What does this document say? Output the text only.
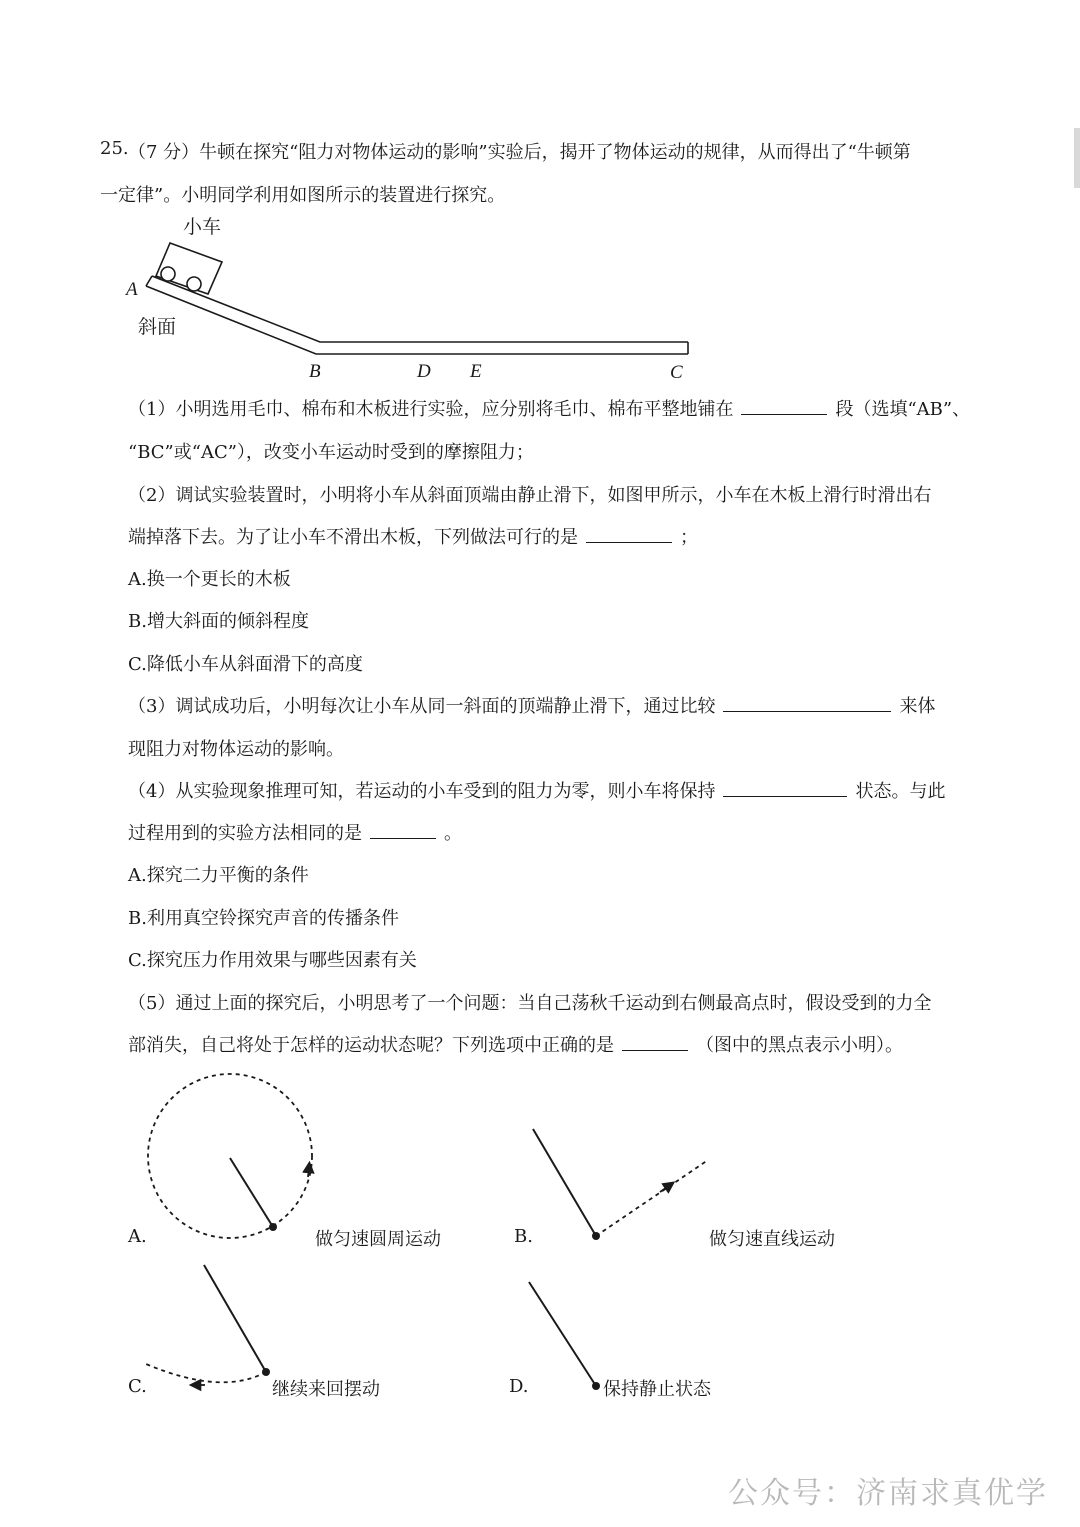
25. （7 分）牛顿在探究“阻力对物体运动的影响”实验后，揭开了物体运动的规律，从而得出了“牛顿第
一定律”。小明同学利用如图所示的装置进行探究。
小车
斜面
A
B	D E	C
（1）小明选用毛巾、棉布和木板进行实验，应分别将毛巾、棉布平整地铺在	段（选填“AB”、
“BC”或“AC”），改变小车运动时受到的摩擦阻力；
（2）调试实验装置时，小明将小车从斜面顶端由静止滑下，如图甲所示，小车在木板上滑行时滑出右
端掉落下去。为了让小车不滑出木板，下列做法可行的是	；
A.换一个更长的木板
B.增大斜面的倾斜程度
C.降低小车从斜面滑下的高度
（3）调试成功后，小明每次让小车从同一斜面的顶端静止滑下，通过比较	来体
现阻力对物体运动的影响。
（4）从实验现象推理可知，若运动的小车受到的阻力为零，则小车将保持	状态。与此
过程用到的实验方法相同的是	。
A.探究二力平衡的条件
B.利用真空铃探究声音的传播条件
C.探究压力作用效果与哪些因素有关
（5）通过上面的探究后，小明思考了一个问题：当自己荡秋千运动到右侧最高点时，假设受到的力全
部消失，自己将处于怎样的运动状态呢？下列选项中正确的是	（图中的黑点表示小明）。
A.	做匀速圆周运动	B.	做匀速直线运动
C.	继续来回摆动	D.	保持静止状态
公众号：济南求真优学
